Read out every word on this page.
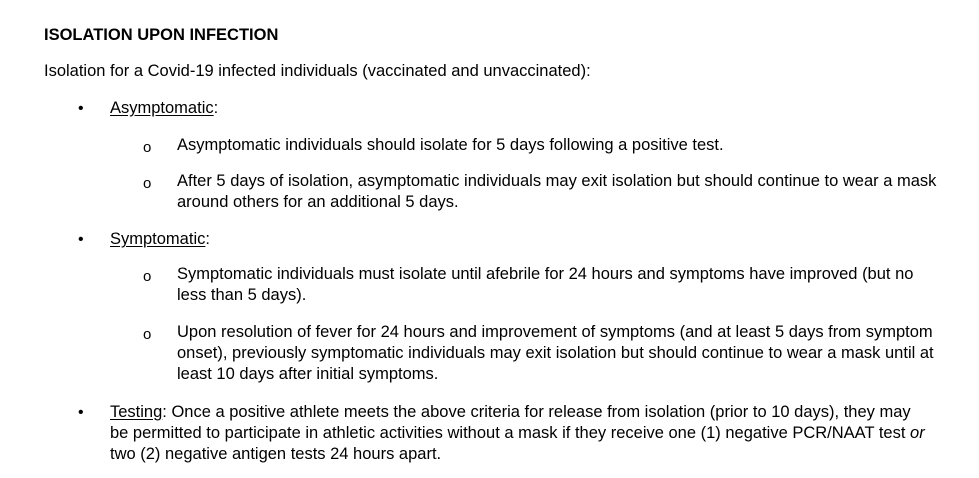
ISOLATION UPON INFECTION
Isolation for a Covid-19 infected individuals (vaccinated and unvaccinated):
• Asymptomatic:
o Asymptomatic individuals should isolate for 5 days following a positive test.
o After 5 days of isolation, asymptomatic individuals may exit isolation but should continue to wear a mask around others for an additional 5 days.
• Symptomatic:
o Symptomatic individuals must isolate until afebrile for 24 hours and symptoms have improved (but no less than 5 days).
o Upon resolution of fever for 24 hours and improvement of symptoms (and at least 5 days from symptom onset), previously symptomatic individuals may exit isolation but should continue to wear a mask until at least 10 days after initial symptoms.
• Testing: Once a positive athlete meets the above criteria for release from isolation (prior to 10 days), they may be permitted to participate in athletic activities without a mask if they receive one (1) negative PCR/NAAT test or two (2) negative antigen tests 24 hours apart.
